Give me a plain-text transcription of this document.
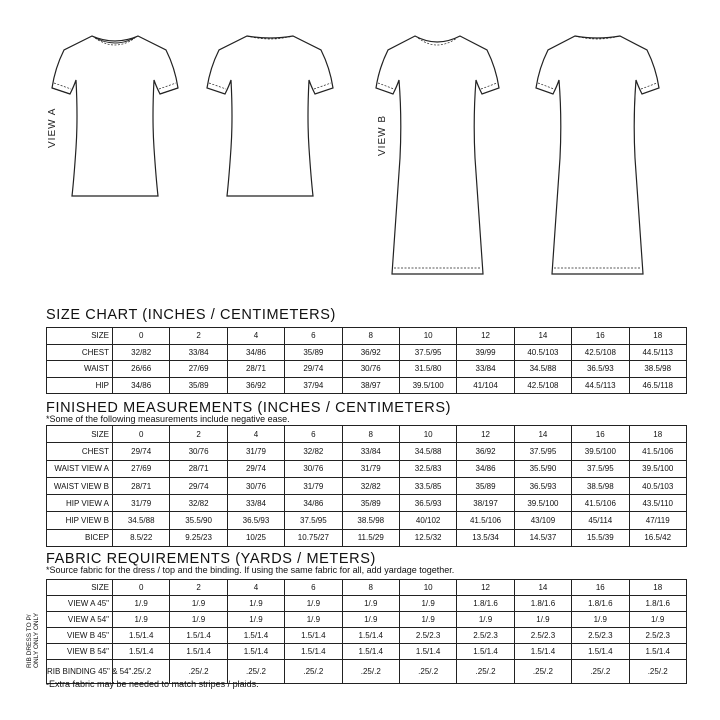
VIEW A	VIEW B
SIZE CHART (INCHES / CENTIMETERS)
SIZE	0	2	4	6	8	10	12	14	16	18
CHEST	32/82	33/84	34/86	35/89	36/92	37.5/95	39/99	40.5/103	42.5/108	44.5/113
WAIST	26/66	27/69	28/71	29/74	30/76	31.5/80	33/84	34.5/88	36.5/93	38.5/98
HIP	34/86	35/89	36/92	37/94	38/97	39.5/100	41/104	42.5/108	44.5/113	46.5/118
FINISHED MEASUREMENTS (INCHES / CENTIMETERS)
*Some of the following measurements include negative ease.
SIZE	0	2	4	6	8	10	12	14	16	18
CHEST	29/74	30/76	31/79	32/82	33/84	34.5/88	36/92	37.5/95	39.5/100	41.5/106
WAIST VIEW A	27/69	28/71	29/74	30/76	31/79	32.5/83	34/86	35.5/90	37.5/95	39.5/100
WAIST VIEW B	28/71	29/74	30/76	31/79	32/82	33.5/85	35/89	36.5/93	38.5/98	40.5/103
HIP VIEW A	31/79	32/82	33/84	34/86	35/89	36.5/93	38/197	39.5/100	41.5/106	43.5/110
HIP VIEW B	34.5/88	35.5/90	36.5/93	37.5/95	38.5/98	40/102	41.5/106	43/109	45/114	47/119
BICEP	8.5/22	9.25/23	10/25	10.75/27	11.5/29	12.5/32	13.5/34	14.5/37	15.5/39	16.5/42
FABRIC REQUIREMENTS (YARDS / METERS)
*Source fabric for the dress / top and the binding. If using the same fabric for all, add yardage together.
RIB DRESS TO P/ ONLY ONLY ONLY
SIZE	0	2	4	6	8	10	12	14	16	18
VIEW A 45"	1/.9	1/.9	1/.9	1/.9	1/.9	1/.9	1.8/1.6	1.8/1.6	1.8/1.6	1.8/1.6
VIEW A 54"	1/.9	1/.9	1/.9	1/.9	1/.9	1/.9	1/.9	1/.9	1/.9	1/.9
VIEW B 45"	1.5/1.4	1.5/1.4	1.5/1.4	1.5/1.4	1.5/1.4	2.5/2.3	2.5/2.3	2.5/2.3	2.5/2.3	2.5/2.3
VIEW B 54"	1.5/1.4	1.5/1.4	1.5/1.4	1.5/1.4	1.5/1.4	1.5/1.4	1.5/1.4	1.5/1.4	1.5/1.4	1.5/1.4
RIB BINDING 45" & 54"	.25/.2	.25/.2	.25/.2	.25/.2	.25/.2	.25/.2	.25/.2	.25/.2	.25/.2	.25/.2
-Extra fabric may be needed to match stripes / plaids.
